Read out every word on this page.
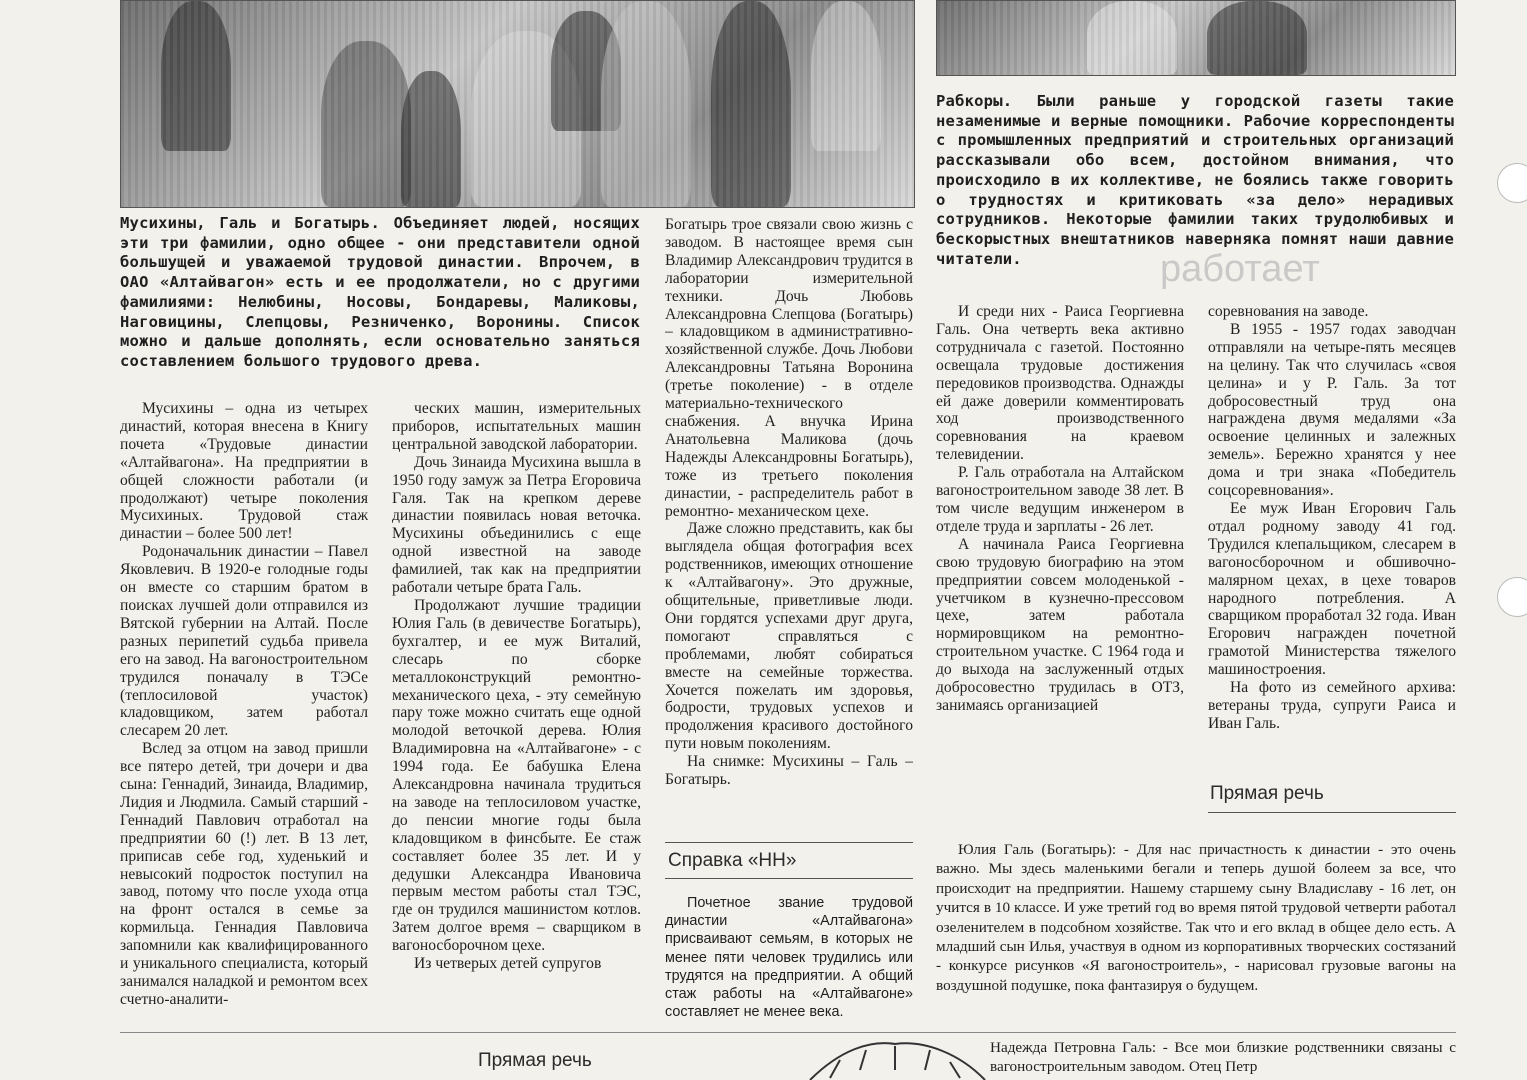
Мусихины, Галь и Богатырь. Объединяет людей, носящих эти три фамилии, одно общее - они представители одной большущей и уважаемой трудовой династии. Впрочем, в ОАО «Алтайвагон» есть и ее продолжатели, но с другими фамилиями: Нелюбины, Носовы, Бондаревы, Маликовы, Наговицины, Слепцовы, Резниченко, Воронины. Список можно и дальше дополнять, если основательно заняться составлением большого трудового древа.
Рабкоры. Были раньше у городской газеты такие незаменимые и верные помощники. Рабочие корреспонденты с промышленных предприятий и строительных организаций рассказывали обо всем, достойном внимания, что происходило в их коллективе, не боялись также говорить о трудностях и критиковать «за дело» нерадивых сотрудников. Некоторые фамилии таких трудолюбивых и бескорыстных внештатников наверняка помнят наши давние читатели.	работает

Мусихины – одна из четырех династий, которая внесена в Книгу почета «Трудовые династии «Алтайвагона». На предприятии в общей сложности работали (и продолжают) четыре поколения Мусихиных. Трудовой стаж династии – более 500 лет!

Родоначальник династии – Павел Яковлевич. В 1920-е голодные годы он вместе со старшим братом в поисках лучшей доли отправился из Вятской губернии на Алтай. После разных перипетий судьба привела его на завод. На вагоностроительном трудился поначалу в ТЭСе (теплосиловой участок) кладовщиком, затем работал слесарем 20 лет.

Вслед за отцом на завод пришли все пятеро детей, три дочери и два сына: Геннадий, Зинаида, Владимир, Лидия и Людмила. Самый старший - Геннадий Павлович отработал на предприятии 60 (!) лет. В 13 лет, приписав себе год, худенький и невысокий подросток поступил на завод, потому что после ухода отца на фронт остался в семье за кормильца. Геннадия Павловича запомнили как квалифицированного и уникального специалиста, который занимался наладкой и ремонтом всех счетно-аналити-

ческих машин, измерительных приборов, испытательных машин центральной заводской лаборатории.

Дочь Зинаида Мусихина вышла в 1950 году замуж за Петра Егоровича Галя. Так на крепком дереве династии появилась новая веточка. Мусихины объединились с еще одной известной на заводе фамилией, так как на предприятии работали четыре брата Галь.

Продолжают лучшие традиции Юлия Галь (в девичестве Богатырь), бухгалтер, и ее муж Виталий, слесарь по сборке металлоконструкций ремонтно-механического цеха, - эту семейную пару тоже можно считать еще одной молодой веточкой дерева. Юлия Владимировна на «Алтайвагоне» - с 1994 года. Ее бабушка Елена Александровна начинала трудиться на заводе на теплосиловом участке, до пенсии многие годы была кладовщиком в финсбыте. Ее стаж составляет более 35 лет. И у дедушки Александра Ивановича первым местом работы стал ТЭС, где он трудился машинистом котлов. Затем долгое время – сварщиком в вагоносборочном цехе.

Из четверых детей супругов

Богатырь трое связали свою жизнь с заводом. В настоящее время сын Владимир Александрович трудится в лаборатории измерительной техники. Дочь Любовь Александровна Слепцова (Богатырь) – кладовщиком в административно-хозяйственной службе. Дочь Любови Александровны Татьяна Воронина (третье поколение) - в отделе материально-технического снабжения. А внучка Ирина Анатольевна Маликова (дочь Надежды Александровны Богатырь), тоже из третьего поколения династии, - распределитель работ в ремонтно- механическом цехе.

Даже сложно представить, как бы выглядела общая фотография всех родственников, имеющих отношение к «Алтайвагону». Это дружные, общительные, приветливые люди. Они гордятся успехами друг друга, помогают справляться с проблемами, любят собираться вместе на семейные торжества. Хочется пожелать им здоровья, бодрости, трудовых успехов и продолжения красивого достойного пути новым поколениям.

На снимке: Мусихины – Галь –Богатырь.

Справка «НН»
Почетное звание трудовой династии «Алтайвагона» присваивают семьям, в которых не менее пяти человек трудились или трудятся на предприятии. А общий стаж работы на «Алтайвагоне» составляет не менее века.

И среди них - Раиса Георгиевна Галь. Она четверть века активно сотрудничала с газетой. Постоянно освещала трудовые достижения передовиков производства. Однажды ей даже доверили комментировать ход производственного соревнования на краевом телевидении.

Р. Галь отработала на Алтайском вагоностроительном заводе 38 лет. В том числе ведущим инженером в отделе труда и зарплаты - 26 лет.

А начинала Раиса Георгиевна свою трудовую биографию на этом предприятии совсем молоденькой - учетчиком в кузнечно-прессовом цехе, затем работала нормировщиком на ремонтно-строительном участке. С 1964 года и до выхода на заслуженный отдых добросовестно трудилась в ОТЗ, занимаясь организацией

соревнования на заводе.

В 1955 - 1957 годах заводчан отправляли на четыре-пять месяцев на целину. Так что случилась «своя целина» и у Р. Галь. За тот добросовестный труд она награждена двумя медалями «За освоение целинных и залежных земель». Бережно хранятся у нее дома и три знака «Победитель соцсоревнования».

Ее муж Иван Егорович Галь отдал родному заводу 41 год. Трудился клепальщиком, слесарем в вагоносборочном и обшивочно-малярном цехах, в цехе товаров народного потребления. А сварщиком проработал 32 года. Иван Егорович награжден почетной грамотой Министерства тяжелого машиностроения.

На фото из семейного архива: ветераны труда, супруги Раиса и Иван Галь.

Прямая речь
Юлия Галь (Богатырь): - Для нас причастность к династии - это очень важно. Мы здесь маленькими бегали и теперь душой болеем за все, что происходит на предприятии. Нашему старшему сыну Владиславу - 16 лет, он учится в 10 классе. И уже третий год во время пятой трудовой четверти работал озеленителем в подсобном хозяйстве. Так что и его вклад в общее дело есть. А младший сын Илья, участвуя в одном из корпоративных творческих состязаний - конкурсе рисунков «Я вагоностроитель», - нарисовал грузовые вагоны на воздушной подушке, пока фантазируя о будущем.
Прямая речь
Надежда Петровна Галь: - Все мои близкие родственники связаны с вагоностроительным заводом. Отец Петр
